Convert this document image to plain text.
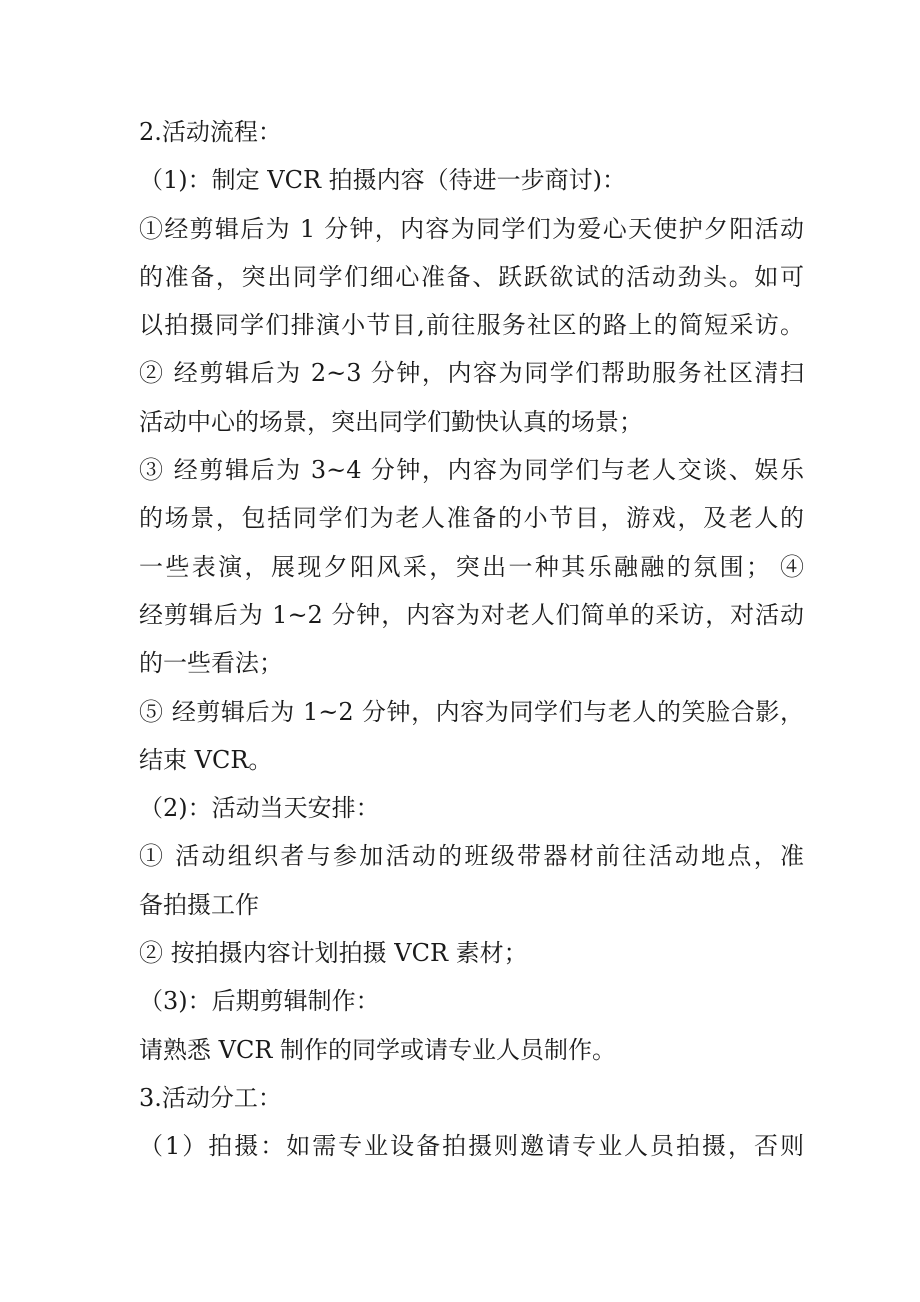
2.活动流程：
（1)：制定 VCR 拍摄内容（待进一步商讨)：
①经剪辑后为 1 分钟，内容为同学们为爱心天使护夕阳活动
的准备，突出同学们细心准备、跃跃欲试的活动劲头。如可
以拍摄同学们排演小节目,前往服务社区的路上的简短采访。
② 经剪辑后为 2~3 分钟，内容为同学们帮助服务社区清扫
活动中心的场景，突出同学们勤快认真的场景；
③ 经剪辑后为 3~4 分钟，内容为同学们与老人交谈、娱乐
的场景，包括同学们为老人准备的小节目，游戏，及老人的
一些表演，展现夕阳风采，突出一种其乐融融的氛围； ④
经剪辑后为 1~2 分钟，内容为对老人们简单的采访，对活动
的一些看法；
⑤ 经剪辑后为 1~2 分钟，内容为同学们与老人的笑脸合影，
结束 VCR。
（2)：活动当天安排：
① 活动组织者与参加活动的班级带器材前往活动地点，准
备拍摄工作
② 按拍摄内容计划拍摄 VCR 素材；
（3)：后期剪辑制作：
请熟悉 VCR 制作的同学或请专业人员制作。
3.活动分工：
（1）拍摄：如需专业设备拍摄则邀请专业人员拍摄，否则
